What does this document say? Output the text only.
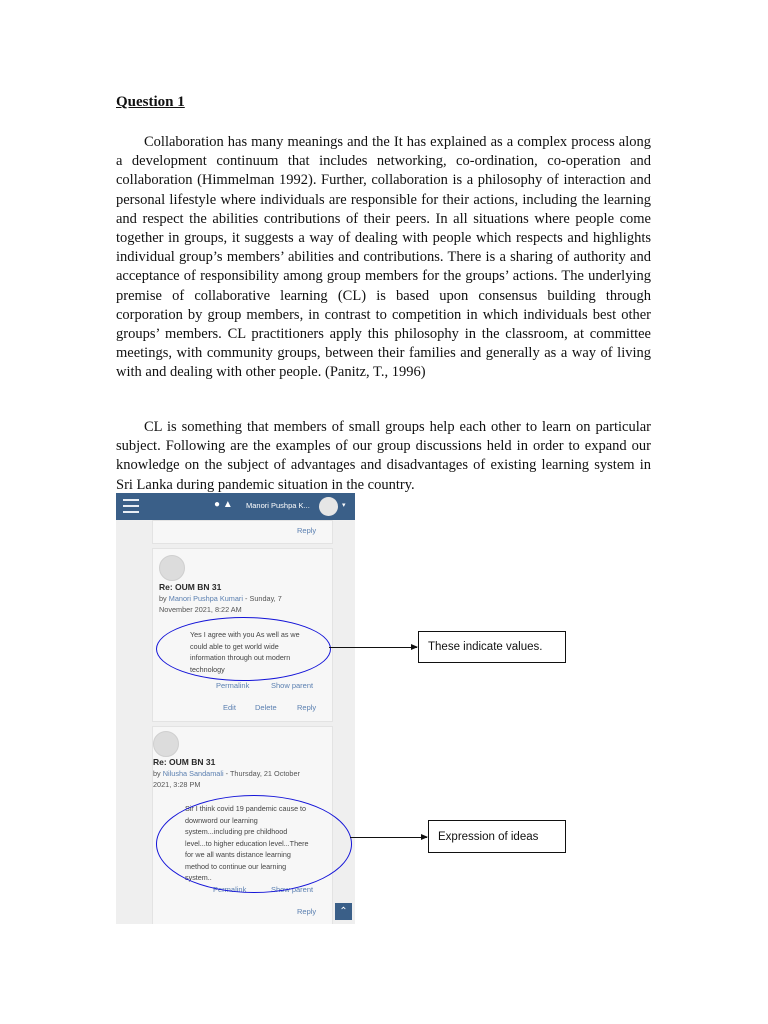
Question 1

Collaboration has many meanings and the It has explained as a complex process along a development continuum that includes networking, co-ordination, co-operation and collaboration (Himmelman 1992). Further, collaboration is a philosophy of interaction and personal lifestyle where individuals are responsible for their actions, including the learning and respect the abilities contributions of their peers. In all situations where people come together in groups, it suggests a way of dealing with people which respects and highlights individual group’s members’ abilities and contributions. There is a sharing of authority and acceptance of responsibility among group members for the groups’ actions. The underlying premise of collaborative learning (CL) is based upon consensus building through corporation by group members, in contrast to competition in which individuals best other groups’ members. CL practitioners apply this philosophy in the classroom, at committee meetings, with community groups, between their families and generally as a way of living with and dealing with other people. (Panitz, T., 1996)

CL is something that members of small groups help each other to learn on particular subject. Following are the examples of our group discussions held in order to expand our knowledge on the subject of advantages and disadvantages of existing learning system in Sri Lanka during pandemic situation in the country.

● ▲ Manori Pushpa K...	▾
Reply
Re: OUM BN 31
by Manori Pushpa Kumari - Sunday, 7
November 2021, 8:22 AM
Yes I agree with you As well as we
could able to get world wide
information through out modern
technology
Permalink	Show parent
Edit	Delete	Reply
Re: OUM BN 31
by Nilusha Sandamali - Thursday, 21 October
2021, 3:28 PM
Sir I think covid 19 pandemic cause to
downword our learning
system...including pre childhood
level...to higher education level...There
for we all wants distance learning
method to continue our learning
system..
Permalink	Show parent
Reply	⌃
These indicate values.
Expression of ideas
